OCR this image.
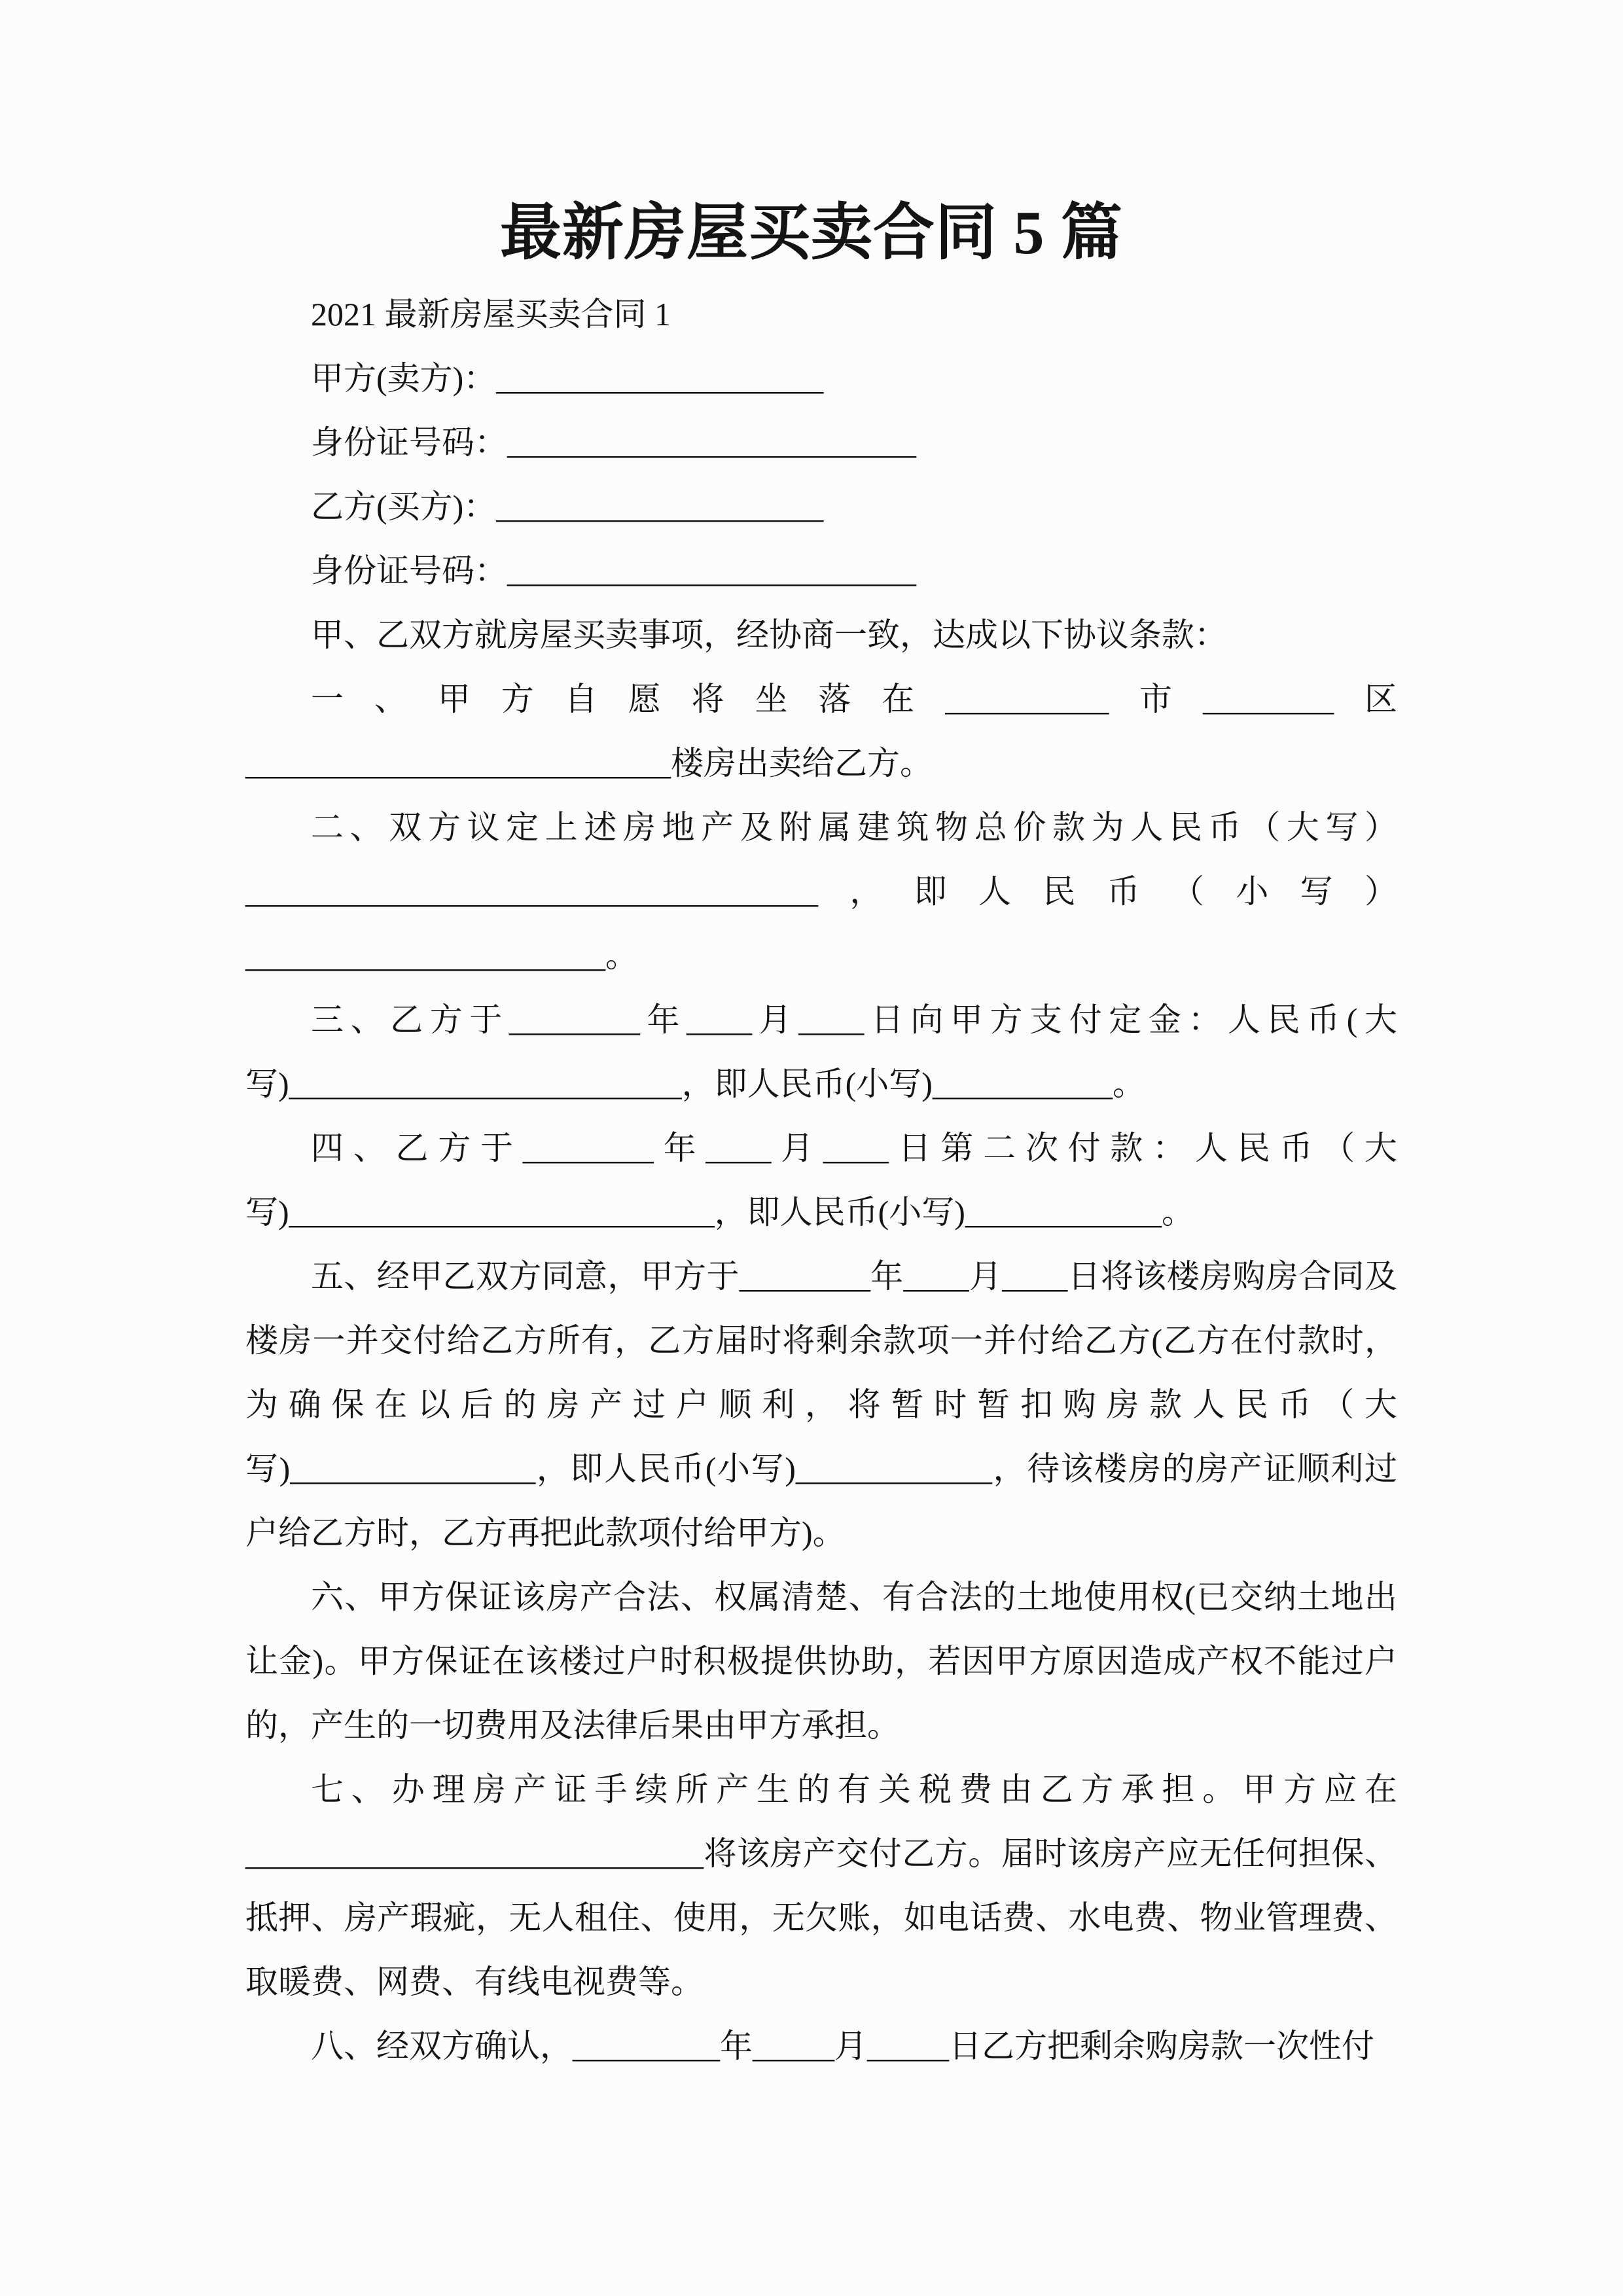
最新房屋买卖合同 5 篇

2021 最新房屋买卖合同 1

甲方(卖方)：____________________

身份证号码：_________________________

乙方(买方)：____________________

身份证号码：_________________________

甲、乙双方就房屋买卖事项，经协商一致，达成以下协议条款：

一、甲方自愿将坐落在__________市________区__________________________楼房出卖给乙方。

二、双方议定上述房地产及附属建筑物总价款为人民币（大写）___________________________________，即人民币（小写）______________________。

三、乙方于________年____月____日向甲方支付定金：人民币(大写)________________________，即人民币(小写)___________。

四、乙方于________年____月____日第二次付款：人民币（大写)__________________________，即人民币(小写)____________。

五、经甲乙双方同意，甲方于________年____月____日将该楼房购房合同及楼房一并交付给乙方所有，乙方届时将剩余款项一并付给乙方(乙方在付款时，为确保在以后的房产过户顺利，将暂时暂扣购房款人民币（大写)_______________，即人民币(小写)____________，待该楼房的房产证顺利过户给乙方时，乙方再把此款项付给甲方)。

六、甲方保证该房产合法、权属清楚、有合法的土地使用权(已交纳土地出让金)。甲方保证在该楼过户时积极提供协助，若因甲方原因造成产权不能过户的，产生的一切费用及法律后果由甲方承担。

七、办理房产证手续所产生的有关税费由乙方承担。甲方应在____________________________将该房产交付乙方。届时该房产应无任何担保、抵押、房产瑕疵，无人租住、使用，无欠账，如电话费、水电费、物业管理费、取暖费、网费、有线电视费等。

八、经双方确认，_________年_____月_____日乙方把剩余购房款一次性付
